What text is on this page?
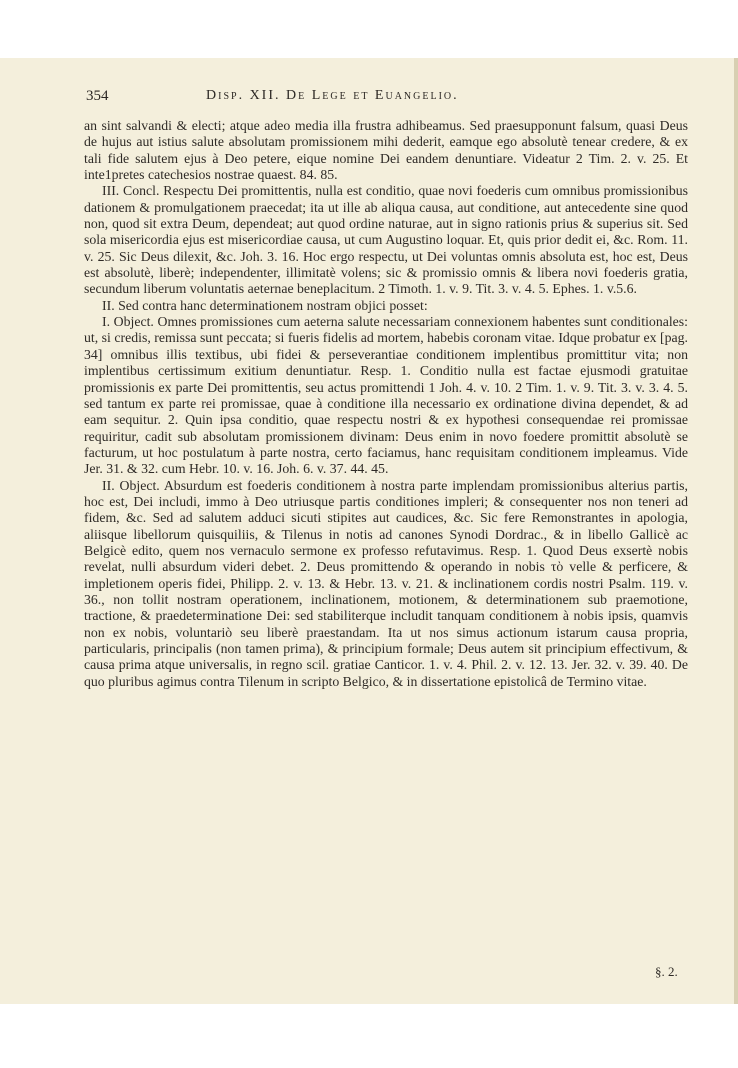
354	Disp. XII. De Lege et Euangelio.

an sint salvandi & electi; atque adeo media illa frustra adhibeamus. Sed praesupponunt falsum, quasi Deus de hujus aut istius salute absolutam promissionem mihi dederit, eamque ego absolutè tenear credere, & ex tali fide salutem ejus à Deo petere, eique nomine Dei eandem denuntiare. Videatur 2 Tim. 2. v. 25. Et inte1pretes catechesios nostrae quaest. 84. 85.

III. Concl. Respectu Dei promittentis, nulla est conditio, quae novi foederis cum omnibus promissionibus dationem & promulgationem praecedat; ita ut ille ab aliqua causa, aut conditione, aut antecedente sine quod non, quod sit extra Deum, dependeat; aut quod ordine naturae, aut in signo rationis prius & superius sit. Sed sola misericordia ejus est misericordiae causa, ut cum Augustino loquar. Et, quis prior dedit ei, &c. Rom. 11. v. 25. Sic Deus dilexit, &c. Joh. 3. 16. Hoc ergo respectu, ut Dei voluntas omnis absoluta est, hoc est, Deus est absolutè, liberè; independenter, illimitatè volens; sic & promissio omnis & libera novi foederis gratia, secundum liberum voluntatis aeternae beneplacitum. 2 Timoth. 1. v. 9. Tit. 3. v. 4. 5. Ephes. 1. v.5.6.

II. Sed contra hanc determinationem nostram objici posset:

I. Object. Omnes promissiones cum aeterna salute necessariam connexionem habentes sunt conditionales: ut, si credis, remissa sunt peccata; si fueris fidelis ad mortem, habebis coronam vitae. Idque probatur ex [pag. 34] omnibus illis textibus, ubi fidei & perseverantiae conditionem implentibus promittitur vita; non implentibus certissimum exitium denuntiatur. Resp. 1. Conditio nulla est factae ejusmodi gratuitae promissionis ex parte Dei promittentis, seu actus promittendi 1 Joh. 4. v. 10. 2 Tim. 1. v. 9. Tit. 3. v. 3. 4. 5. sed tantum ex parte rei promissae, quae à conditione illa necessario ex ordinatione divina dependet, & ad eam sequitur. 2. Quin ipsa conditio, quae respectu nostri & ex hypothesi consequendae rei promissae requiritur, cadit sub absolutam promissionem divinam: Deus enim in novo foedere promittit absolutè se facturum, ut hoc postulatum à parte nostra, certo faciamus, hanc requisitam conditionem impleamus. Vide Jer. 31. & 32. cum Hebr. 10. v. 16. Joh. 6. v. 37. 44. 45.

II. Object. Absurdum est foederis conditionem à nostra parte implendam promissionibus alterius partis, hoc est, Dei includi, immo à Deo utriusque partis conditiones impleri; & consequenter nos non teneri ad fidem, &c. Sed ad salutem adduci sicuti stipites aut caudices, &c. Sic fere Remonstrantes in apologia, aliisque libellorum quisquiliis, & Tilenus in notis ad canones Synodi Dordrac., & in libello Gallicè ac Belgicè edito, quem nos vernaculo sermone ex professo refutavimus. Resp. 1. Quod Deus exsertè nobis revelat, nulli absurdum videri debet. 2. Deus promittendo & operando in nobis τὸ velle & perficere, & impletionem operis fidei, Philipp. 2. v. 13. & Hebr. 13. v. 21. & inclinationem cordis nostri Psalm. 119. v. 36., non tollit nostram operationem, inclinationem, motionem, & determinationem sub praemotione, tractione, & praedeterminatione Dei: sed stabiliterque includit tanquam conditionem à nobis ipsis, quamvis non ex nobis, voluntariò seu liberè praestandam. Ita ut nos simus actionum istarum causa propria, particularis, principalis (non tamen prima), & principium formale; Deus autem sit principium effectivum, & causa prima atque universalis, in regno scil. gratiae Canticor. 1. v. 4. Phil. 2. v. 12. 13. Jer. 32. v. 39. 40. De quo pluribus agimus contra Tilenum in scripto Belgico, & in dissertatione epistolicâ de Termino vitae.

§. 2.
